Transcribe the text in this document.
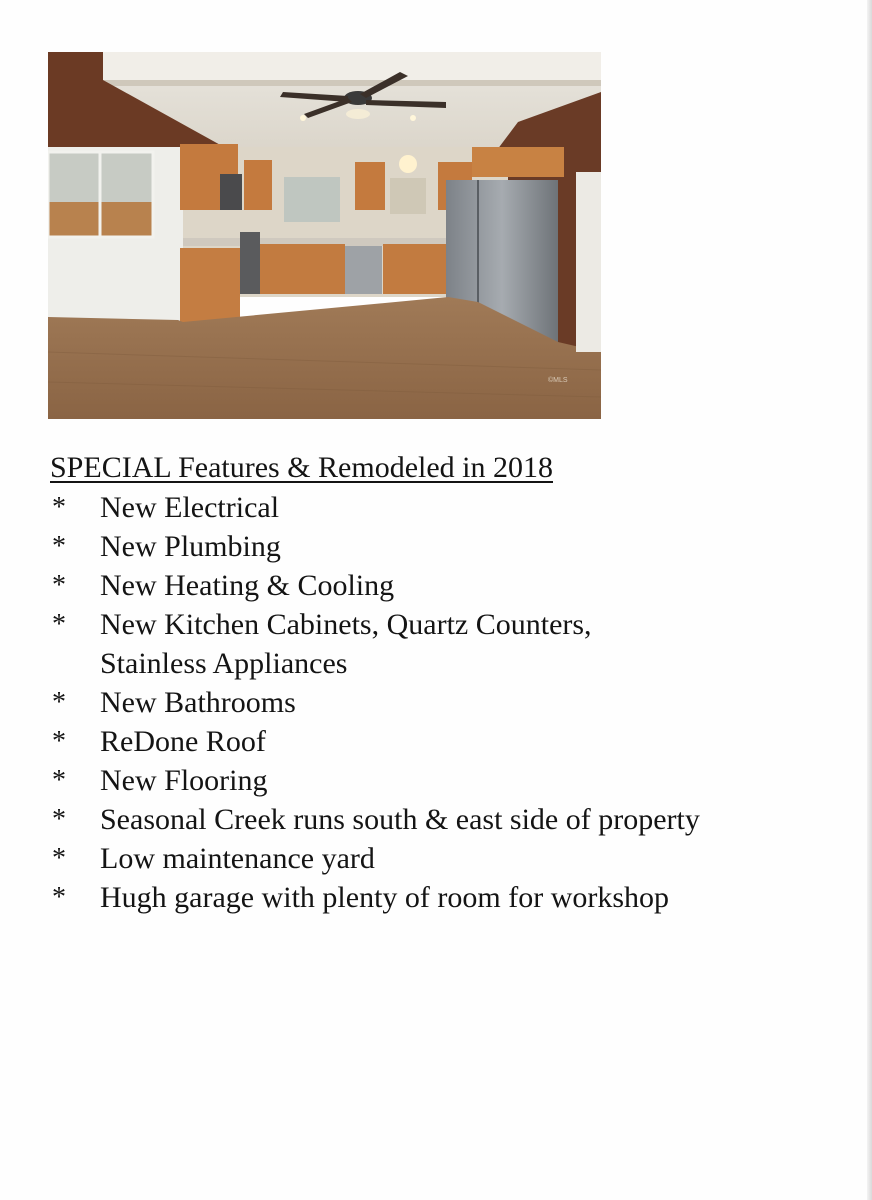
©MLS
SPECIAL Features & Remodeled in 2018
* New Electrical
* New Plumbing
* New Heating & Cooling
* New Kitchen Cabinets, Quartz Counters, Stainless Appliances
* New Bathrooms
* ReDone Roof
* New Flooring
* Seasonal Creek runs south & east side of property
* Low maintenance yard
* Hugh garage with plenty of room for workshop
